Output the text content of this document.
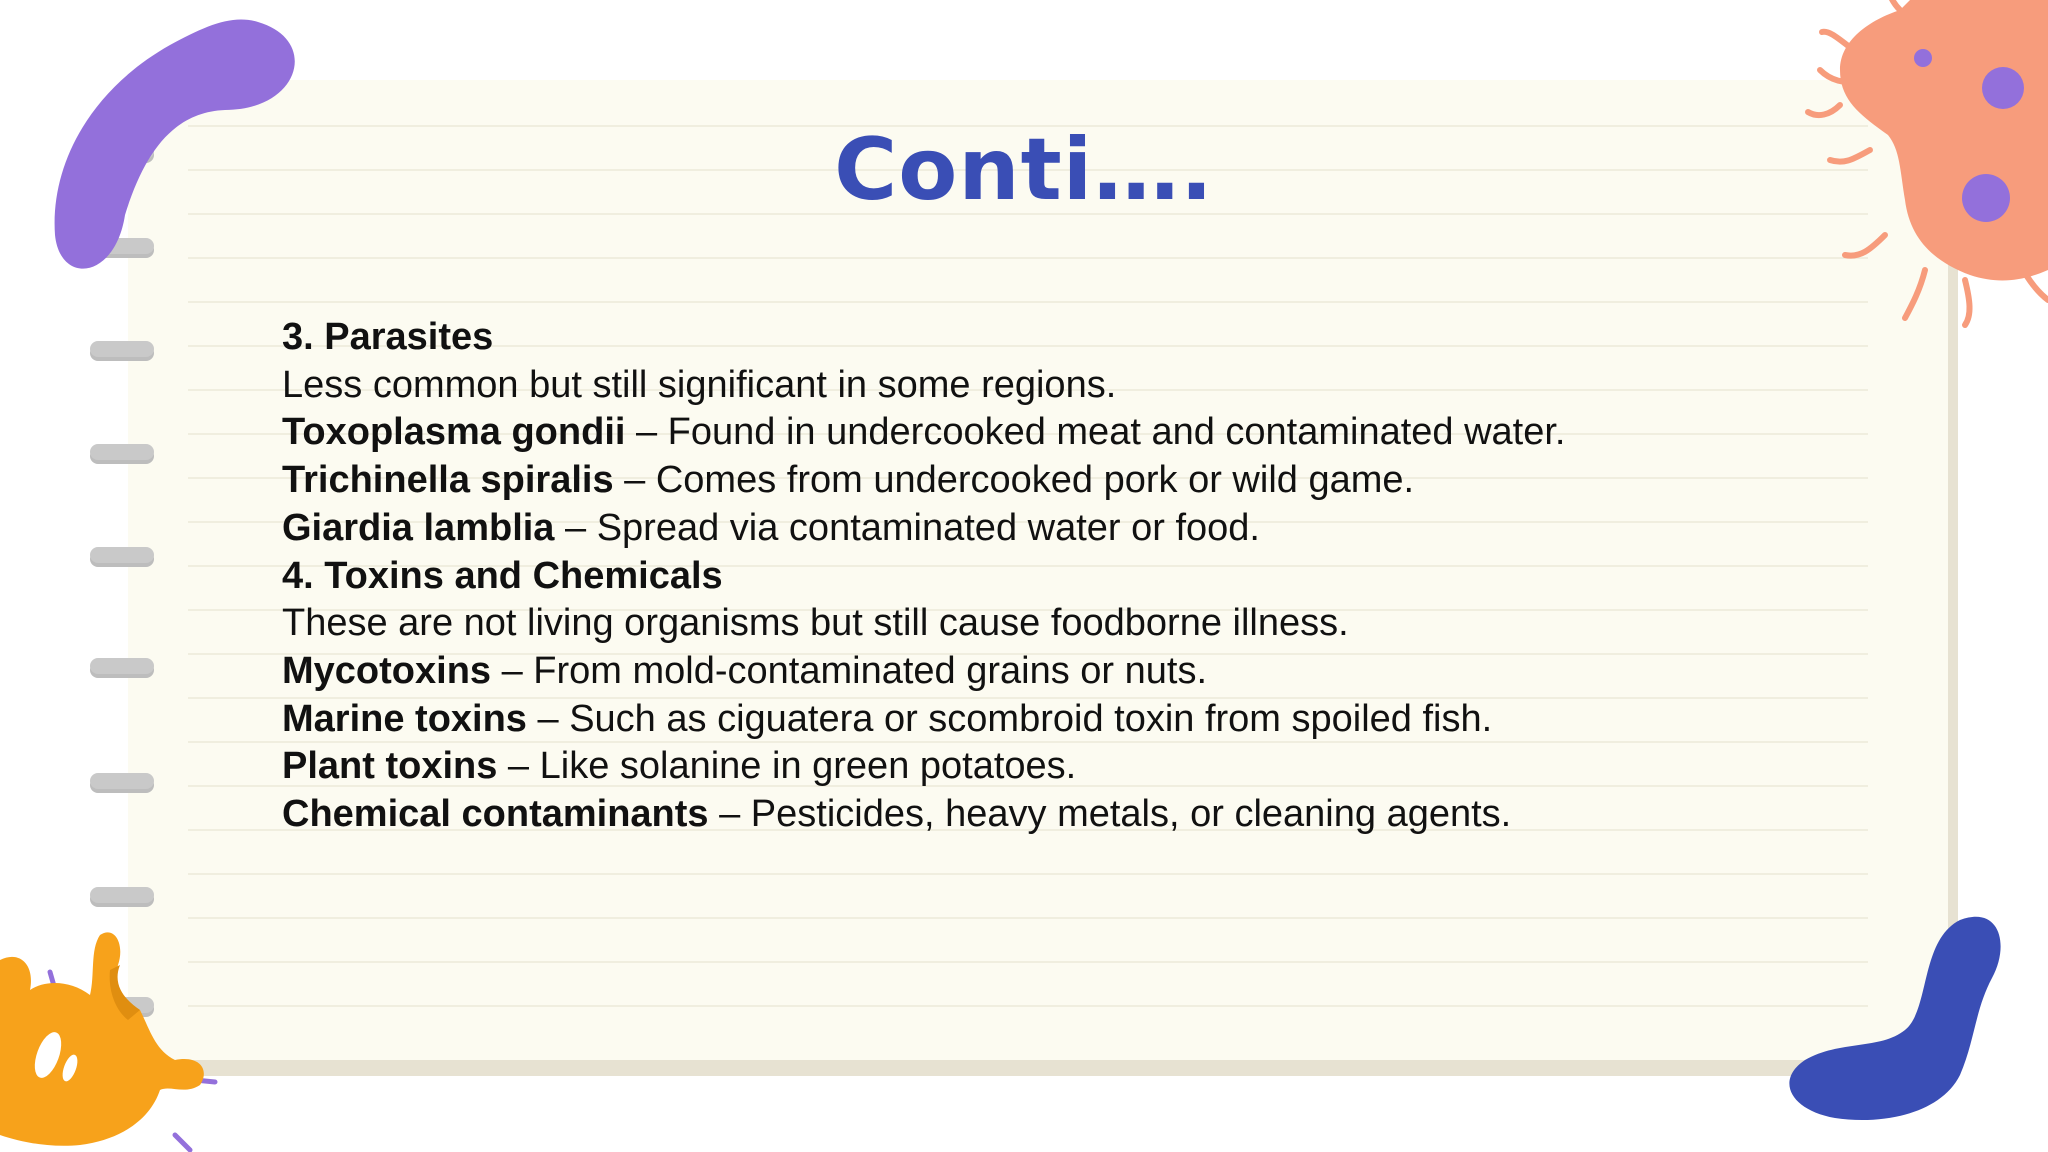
Conti….

3. Parasites

Less common but still significant in some regions.

Toxoplasma gondii – Found in undercooked meat and contaminated water.

Trichinella spiralis – Comes from undercooked pork or wild game.

Giardia lamblia – Spread via contaminated water or food.

4. Toxins and Chemicals

These are not living organisms but still cause foodborne illness.

Mycotoxins – From mold-contaminated grains or nuts.

Marine toxins – Such as ciguatera or scombroid toxin from spoiled fish.

Plant toxins – Like solanine in green potatoes.

Chemical contaminants – Pesticides, heavy metals, or cleaning agents.
